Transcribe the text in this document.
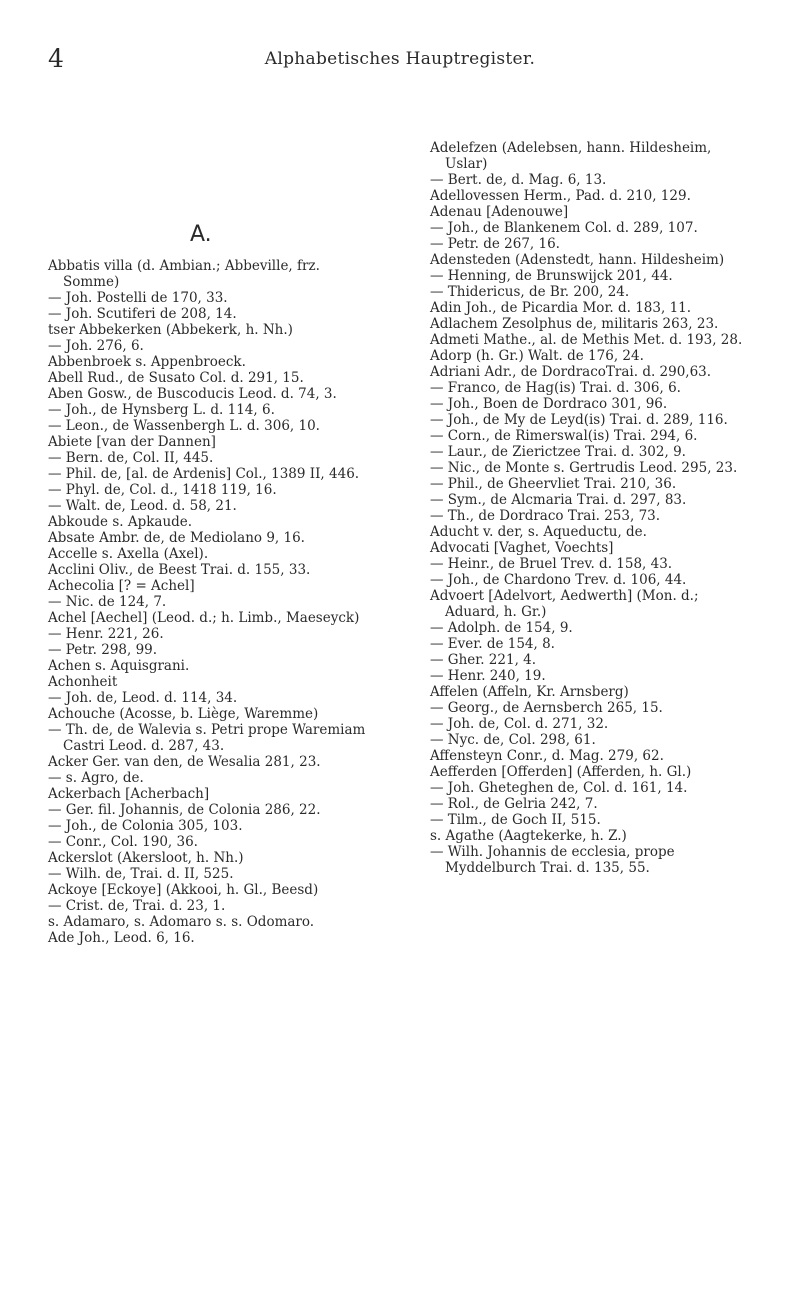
4	Alphabetisches Hauptregister.
A.

Abbatis villa (d. Ambian.; Abbeville, frz. Somme)

— Joh. Postelli de 170, 33.

— Joh. Scutiferi de 208, 14.

tser Abbekerken (Abbekerk, h. Nh.)

— Joh. 276, 6.

Abbenbroek s. Appenbroeck.

Abell Rud., de Susato Col. d. 291, 15.

Aben Gosw., de Buscoducis Leod. d. 74, 3.

— Joh., de Hynsberg L. d. 114, 6.

— Leon., de Wassenbergh L. d. 306, 10.

Abiete [van der Dannen]

— Bern. de, Col. II, 445.

— Phil. de, [al. de Ardenis] Col., 1389 II, 446.

— Phyl. de, Col. d., 1418 119, 16.

— Walt. de, Leod. d. 58, 21.

Abkoude s. Apkaude.

Absate Ambr. de, de Mediolano 9, 16.

Accelle s. Axella (Axel).

Acclini Oliv., de Beest Trai. d. 155, 33.

Achecolia [? = Achel]

— Nic. de 124, 7.

Achel [Aechel] (Leod. d.; h. Limb., Maeseyck)

— Henr. 221, 26.

— Petr. 298, 99.

Achen s. Aquisgrani.

Achonheit

— Joh. de, Leod. d. 114, 34.

Achouche (Acosse, b. Liège, Waremme)

— Th. de, de Walevia s. Petri prope Waremiam Castri Leod. d. 287, 43.

Acker Ger. van den, de Wesalia 281, 23.

— s. Agro, de.

Ackerbach [Acherbach]

— Ger. fil. Johannis, de Colonia 286, 22.

— Joh., de Colonia 305, 103.

— Conr., Col. 190, 36.

Ackerslot (Akersloot, h. Nh.)

— Wilh. de, Trai. d. II, 525.

Ackoye [Eckoye] (Akkooi, h. Gl., Beesd)

— Crist. de, Trai. d. 23, 1.

s. Adamaro, s. Adomaro s. s. Odomaro.

Ade Joh., Leod. 6, 16.

Adelefzen (Adelebsen, hann. Hildesheim, Uslar)

— Bert. de, d. Mag. 6, 13.

Adellovessen Herm., Pad. d. 210, 129.

Adenau [Adenouwe]

— Joh., de Blankenem Col. d. 289, 107.

— Petr. de 267, 16.

Adensteden (Adenstedt, hann. Hildesheim)

— Henning, de Brunswijck 201, 44.

— Thidericus, de Br. 200, 24.

Adin Joh., de Picardia Mor. d. 183, 11.

Adlachem Zesolphus de, militaris 263, 23.

Admeti Mathe., al. de Methis Met. d. 193, 28.

Adorp (h. Gr.) Walt. de 176, 24.

Adriani Adr., de DordracoTrai. d. 290,63.

— Franco, de Hag(is) Trai. d. 306, 6.

— Joh., Boen de Dordraco 301, 96.

— Joh., de My de Leyd(is) Trai. d. 289, 116.

— Corn., de Rimerswal(is) Trai. 294, 6.

— Laur., de Zierictzee Trai. d. 302, 9.

— Nic., de Monte s. Gertrudis Leod. 295, 23.

— Phil., de Gheervliet Trai. 210, 36.

— Sym., de Alcmaria Trai. d. 297, 83.

— Th., de Dordraco Trai. 253, 73.

Aducht v. der, s. Aqueductu, de.

Advocati [Vaghet, Voechts]

— Heinr., de Bruel Trev. d. 158, 43.

— Joh., de Chardono Trev. d. 106, 44.

Advoert [Adelvort, Aedwerth] (Mon. d.; Aduard, h. Gr.)

— Adolph. de 154, 9.

— Ever. de 154, 8.

— Gher. 221, 4.

— Henr. 240, 19.

Affelen (Affeln, Kr. Arnsberg)

— Georg., de Aernsberch 265, 15.

— Joh. de, Col. d. 271, 32.

— Nyc. de, Col. 298, 61.

Affensteyn Conr., d. Mag. 279, 62.

Aefferden [Offerden] (Afferden, h. Gl.)

— Joh. Gheteghen de, Col. d. 161, 14.

— Rol., de Gelria 242, 7.

— Tilm., de Goch II, 515.

s. Agathe (Aagtekerke, h. Z.)

— Wilh. Johannis de ecclesia, prope Myddelburch Trai. d. 135, 55.
